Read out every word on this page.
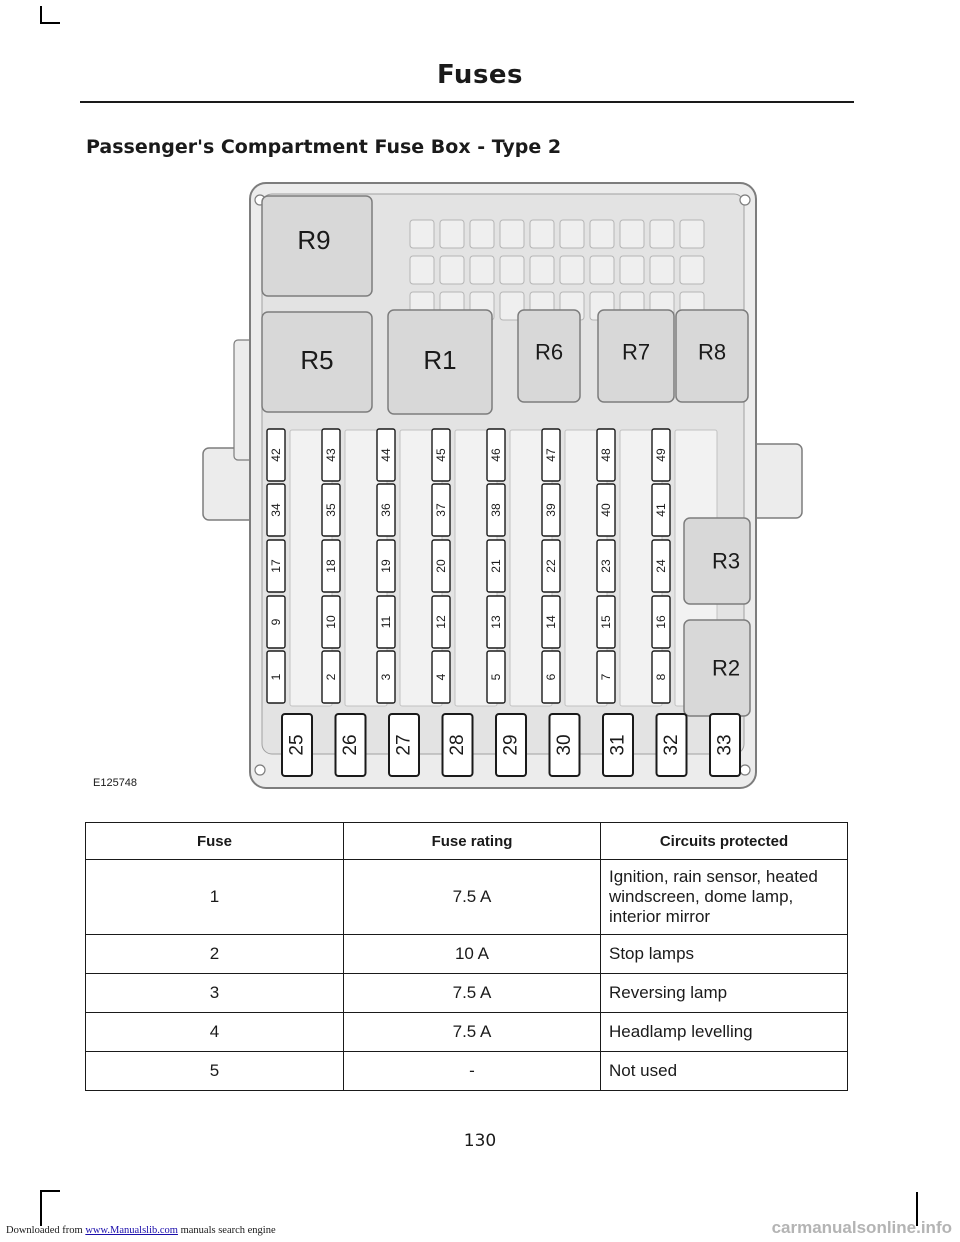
Fuses
Passenger's Compartment Fuse Box - Type 2
R9
R5	R1	R6	R7 R8
R3
R2
42	43	44	45	46	47	48	49
34	35	36	37	38	39	40	41
17	18	19	20	21	22	23	24
9	10	11	12	13	14	15	16
1	2	3	4	5	6	7	8
25 26 27 28 29 30 31 32 33
E125748
Fuse	Fuse rating	Circuits protected
1	7.5 A	Ignition, rain sensor, heated windscreen, dome lamp, interior mirror
2	10 A	Stop lamps
3	7.5 A	Reversing lamp
4	7.5 A	Headlamp levelling
5	-	Not used
130
Downloaded from www.Manualslib.com manuals search engine	carmanualsonline.info
